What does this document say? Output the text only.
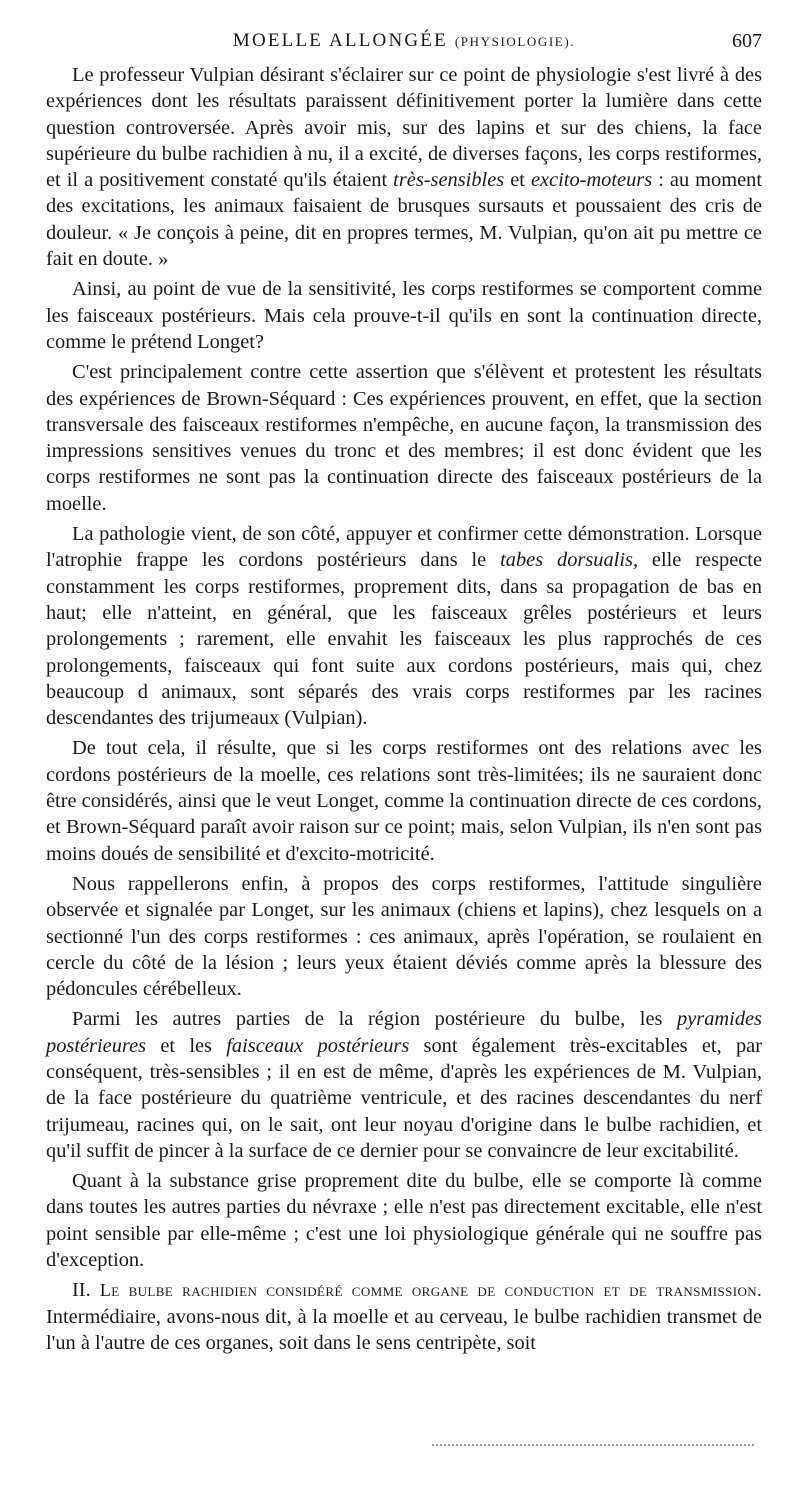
MOELLE ALLONGÉE (PHYSIOLOGIE).	607

Le professeur Vulpian désirant s'éclairer sur ce point de physiologie s'est livré à des expériences dont les résultats paraissent définitivement porter la lumière dans cette question controversée. Après avoir mis, sur des lapins et sur des chiens, la face supérieure du bulbe rachidien à nu, il a excité, de diverses façons, les corps restiformes, et il a positivement constaté qu'ils étaient très-sensibles et excito-moteurs : au moment des excitations, les animaux faisaient de brusques sursauts et poussaient des cris de douleur. « Je conçois à peine, dit en propres termes, M. Vulpian, qu'on ait pu mettre ce fait en doute. »

Ainsi, au point de vue de la sensitivité, les corps restiformes se comportent comme les faisceaux postérieurs. Mais cela prouve-t-il qu'ils en sont la continuation directe, comme le prétend Longet?

C'est principalement contre cette assertion que s'élèvent et protestent les résultats des expériences de Brown-Séquard : Ces expériences prouvent, en effet, que la section transversale des faisceaux restiformes n'empêche, en aucune façon, la transmission des impressions sensitives venues du tronc et des membres; il est donc évident que les corps restiformes ne sont pas la continuation directe des faisceaux postérieurs de la moelle.

La pathologie vient, de son côté, appuyer et confirmer cette démonstration. Lorsque l'atrophie frappe les cordons postérieurs dans le tabes dorsualis, elle respecte constamment les corps restiformes, proprement dits, dans sa propagation de bas en haut; elle n'atteint, en général, que les faisceaux grêles postérieurs et leurs prolongements ; rarement, elle envahit les faisceaux les plus rapprochés de ces prolongements, faisceaux qui font suite aux cordons postérieurs, mais qui, chez beaucoup d animaux, sont séparés des vrais corps restiformes par les racines descendantes des trijumeaux (Vulpian).

De tout cela, il résulte, que si les corps restiformes ont des relations avec les cordons postérieurs de la moelle, ces relations sont très-limitées; ils ne sauraient donc être considérés, ainsi que le veut Longet, comme la continuation directe de ces cordons, et Brown-Séquard paraît avoir raison sur ce point; mais, selon Vulpian, ils n'en sont pas moins doués de sensibilité et d'excito-motricité.

Nous rappellerons enfin, à propos des corps restiformes, l'attitude singulière observée et signalée par Longet, sur les animaux (chiens et lapins), chez lesquels on a sectionné l'un des corps restiformes : ces animaux, après l'opération, se roulaient en cercle du côté de la lésion ; leurs yeux étaient déviés comme après la blessure des pédoncules cérébelleux.

Parmi les autres parties de la région postérieure du bulbe, les pyramides postérieures et les faisceaux postérieurs sont également très-excitables et, par conséquent, très-sensibles ; il en est de même, d'après les expériences de M. Vulpian, de la face postérieure du quatrième ventricule, et des racines descendantes du nerf trijumeau, racines qui, on le sait, ont leur noyau d'origine dans le bulbe rachidien, et qu'il suffit de pincer à la surface de ce dernier pour se convaincre de leur excitabilité.

Quant à la substance grise proprement dite du bulbe, elle se comporte là comme dans toutes les autres parties du névraxe ; elle n'est pas directement excitable, elle n'est point sensible par elle-même ; c'est une loi physiologique générale qui ne souffre pas d'exception.

II. Le bulbe rachidien considéré comme organe de conduction et de transmission. Intermédiaire, avons-nous dit, à la moelle et au cerveau, le bulbe rachidien transmet de l'un à l'autre de ces organes, soit dans le sens centripète, soit
